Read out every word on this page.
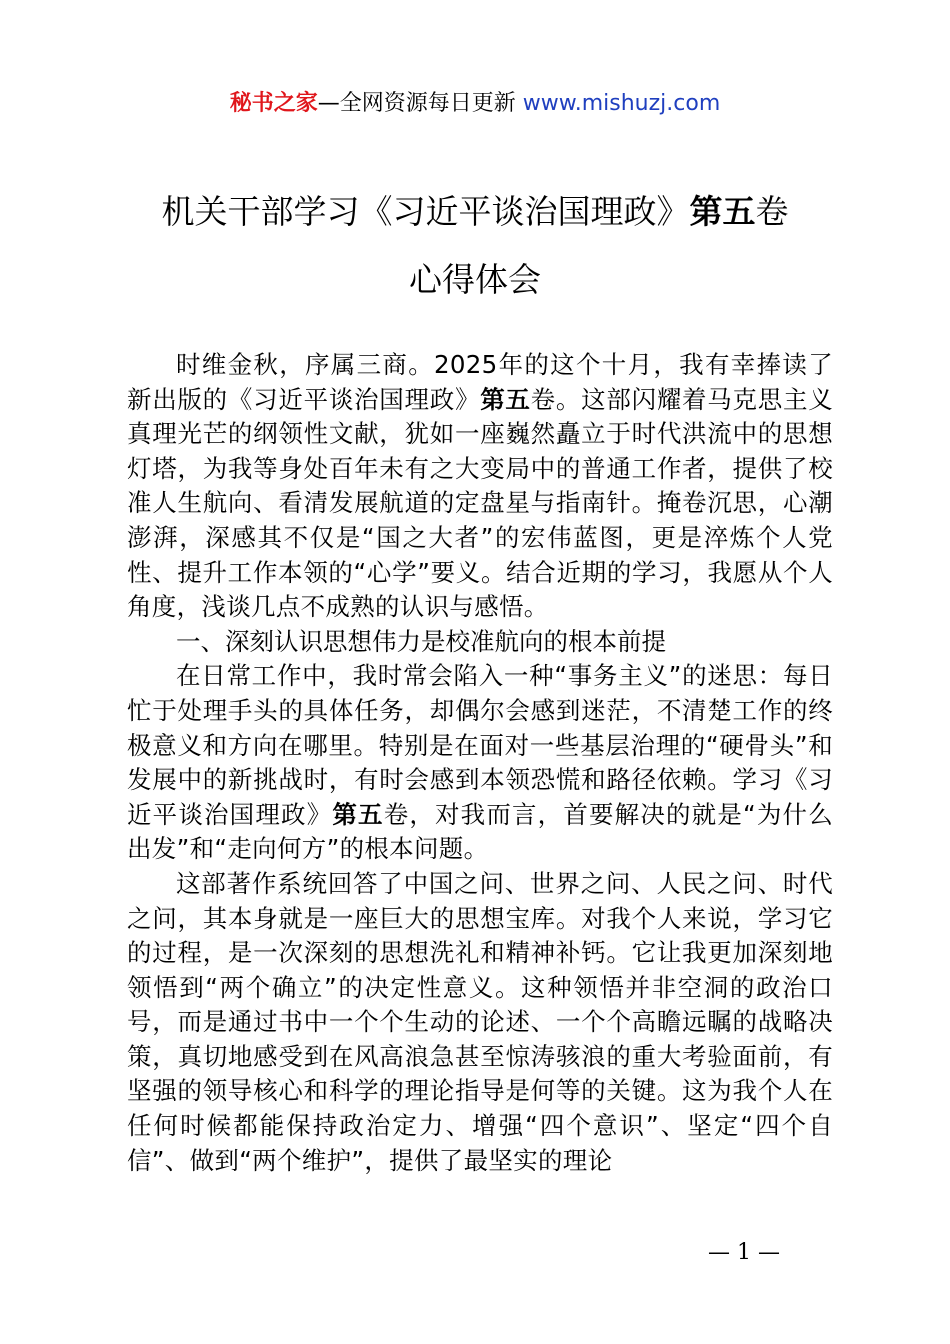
秘书之家—全网资源每日更新 www.mishuzj.com
机关干部学习《习近平谈治国理政》第五卷
心得体会

时维金秋，序属三商。2025年的这个十月，我有幸捧读了新出版的《习近平谈治国理政》第五卷。这部闪耀着马克思主义真理光芒的纲领性文献，犹如一座巍然矗立于时代洪流中的思想灯塔，为我等身处百年未有之大变局中的普通工作者，提供了校准人生航向、看清发展航道的定盘星与指南针。掩卷沉思，心潮澎湃，深感其不仅是“国之大者”的宏伟蓝图，更是淬炼个人党性、提升工作本领的“心学”要义。结合近期的学习，我愿从个人角度，浅谈几点不成熟的认识与感悟。

一、深刻认识思想伟力是校准航向的根本前提

在日常工作中，我时常会陷入一种“事务主义”的迷思：每日忙于处理手头的具体任务，却偶尔会感到迷茫，不清楚工作的终极意义和方向在哪里。特别是在面对一些基层治理的“硬骨头”和发展中的新挑战时，有时会感到本领恐慌和路径依赖。学习《习近平谈治国理政》第五卷，对我而言，首要解决的就是“为什么出发”和“走向何方”的根本问题。

这部著作系统回答了中国之问、世界之问、人民之问、时代之问，其本身就是一座巨大的思想宝库。对我个人来说，学习它的过程，是一次深刻的思想洗礼和精神补钙。它让我更加深刻地领悟到“两个确立”的决定性意义。这种领悟并非空洞的政治口号，而是通过书中一个个生动的论述、一个个高瞻远瞩的战略决策，真切地感受到在风高浪急甚至惊涛骇浪的重大考验面前，有坚强的领导核心和科学的理论指导是何等的关键。这为我个人在任何时候都能保持政治定力、增强“四个意识”、坚定“四个自信”、做到“两个维护”，提供了最坚实的理论

— 1 —
